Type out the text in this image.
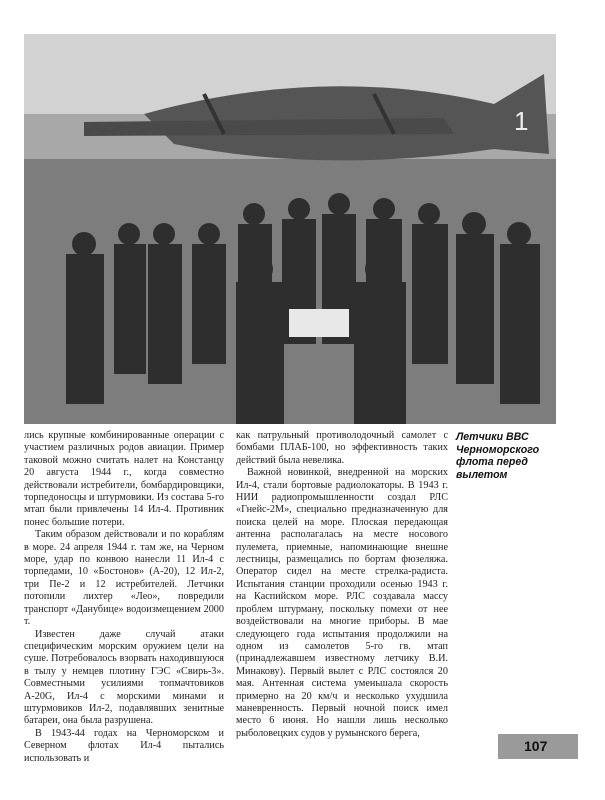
1

лись крупные комбинированные операции с участием различных родов авиации. Пример таковой можно считать налет на Констанцу 20 августа 1944 г., когда совместно действовали истребители, бомбардировщики, торпедоносцы и штурмовики. Из состава 5-го мтап были привлечены 14 Ил-4. Противник понес большие потери.

Таким образом действовали и по кораблям в море. 24 апреля 1944 г. там же, на Черном море, удар по конвою нанесли 11 Ил-4 с торпедами, 10 «Бостонов» (А-20), 12 Ил-2, три Пе-2 и 12 истребителей. Летчики потопили лихтер «Лео», повредили транспорт «Данубице» водоизмещением 2000 т.

Известен даже случай атаки специфическим морским оружием цели на суше. Потребовалось взорвать находившуюся в тылу у немцев плотину ГЭС «Свирь-3». Совместными усилиями топмачтовиков А-20G, Ил-4 с морскими минами и штурмовиков Ил-2, подавлявших зенитные батареи, она была разрушена.

В 1943-44 годах на Черноморском и Северном флотах Ил-4 пытались использовать и

как патрульный противолодочный самолет с бомбами ПЛАБ-100, но эффективность таких действий была невелика.

Важной новинкой, внедренной на морских Ил-4, стали бортовые радиолокаторы. В 1943 г. НИИ радиопромышленности создал РЛС «Гнейс-2М», специально предназначенную для поиска целей на море. Плоская передающая антенна располагалась на месте носового пулемета, приемные, напоминающие внешне лестницы, размещались по бортам фюзеляжа. Оператор сидел на месте стрелка-радиста. Испытания станции проходили осенью 1943 г. на Каспийском море. РЛС создавала массу проблем штурману, поскольку помехи от нее воздействовали на многие приборы. В мае следующего года испытания продолжили на одном из самолетов 5-го гв. мтап (принадлежавшем известному летчику В.И. Минакову). Первый вылет с РЛС состоялся 20 мая. Антенная система уменьшала скорость примерно на 20 км/ч и несколько ухудшила маневренность. Первый ночной поиск имел место 6 июня. Но нашли лишь несколько рыболовецких судов у румынского берега,

Летчики ВВС Черноморского флота перед вылетом
107
